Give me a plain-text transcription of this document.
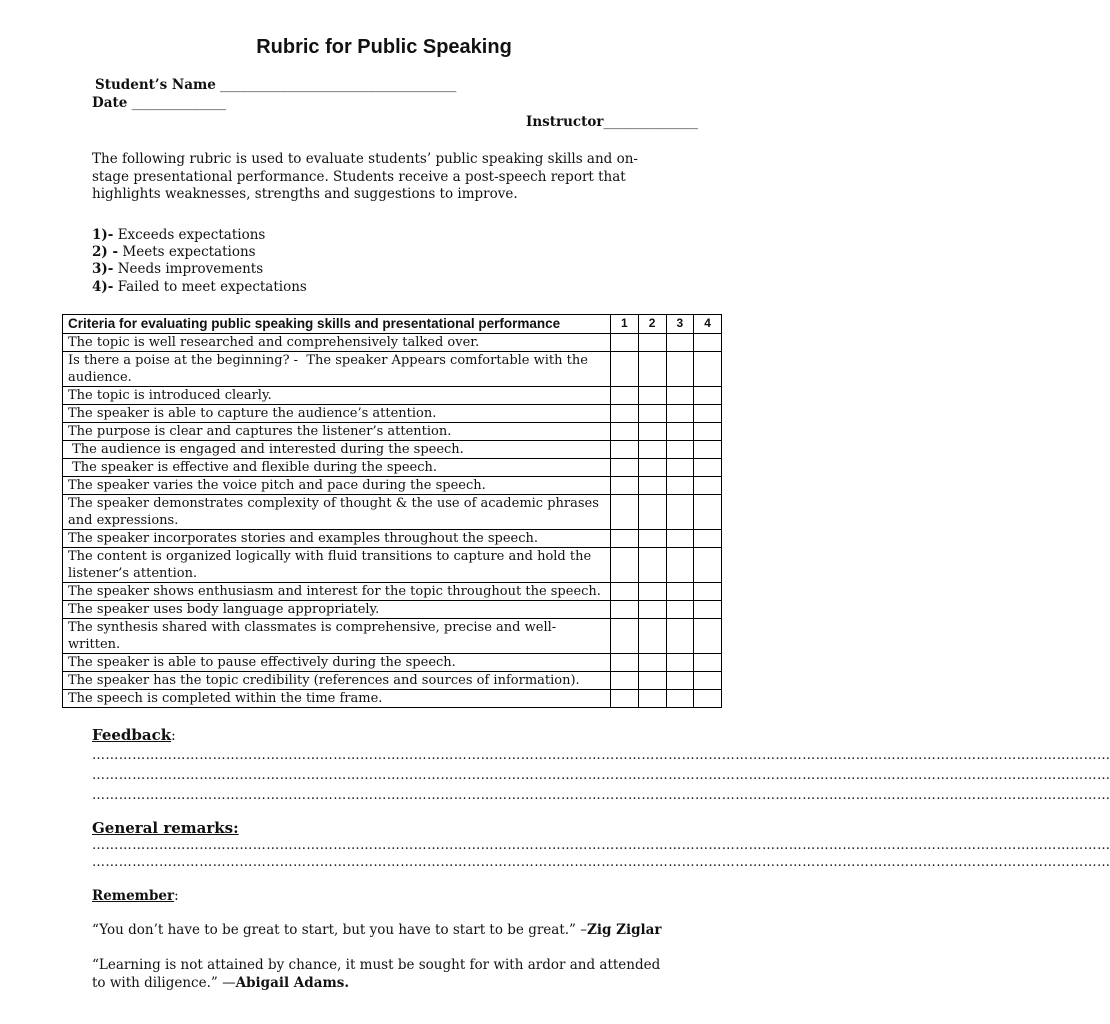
Rubric for Public Speaking
Student’s Name ___________________________________
Date ______________
Instructor______________
The following rubric is used to evaluate students’ public speaking skills and on-stage presentational performance. Students receive a post-speech report that highlights weaknesses, strengths and suggestions to improve.
1)- Exceeds expectations
2) - Meets expectations
3)- Needs improvements
4)- Failed to meet expectations
Criteria for evaluating public speaking skills and presentational performance	1	2	3	4
The topic is well researched and comprehensively talked over.				
Is there a poise at the beginning? -  The speaker Appears comfortable with the audience.				
The topic is introduced clearly.				
The speaker is able to capture the audience’s attention.				
The purpose is clear and captures the listener’s attention.				
The audience is engaged and interested during the speech.				
The speaker is effective and flexible during the speech.				
The speaker varies the voice pitch and pace during the speech.				
The speaker demonstrates complexity of thought & the use of academic phrases and expressions.				
The speaker incorporates stories and examples throughout the speech.				
The content is organized logically with fluid transitions to capture and hold the listener’s attention.				
The speaker shows enthusiasm and interest for the topic throughout the speech.				
The speaker uses body language appropriately.				
The synthesis shared with classmates is comprehensive, precise and well-written.				
The speaker is able to pause effectively during the speech.				
The speaker has the topic credibility (references and sources of information).				
The speech is completed within the time frame.				
Feedback:
…………………………………………………………………………………………………………………………………………………………………………………………………………
…………………………………………………………………………………………………………………………………………………………………………………………………………
…………………………………………………………………………………………………………………………………………………………………………………………………………
General remarks:
…………………………………………………………………………………………………………………………………………………………………………………………………………
…………………………………………………………………………………………………………………………………………………………………………………………………………
Remember:
“You don’t have to be great to start, but you have to start to be great.” –Zig Ziglar
“Learning is not attained by chance, it must be sought for with ardor and attended to with diligence.” —Abigail Adams.
